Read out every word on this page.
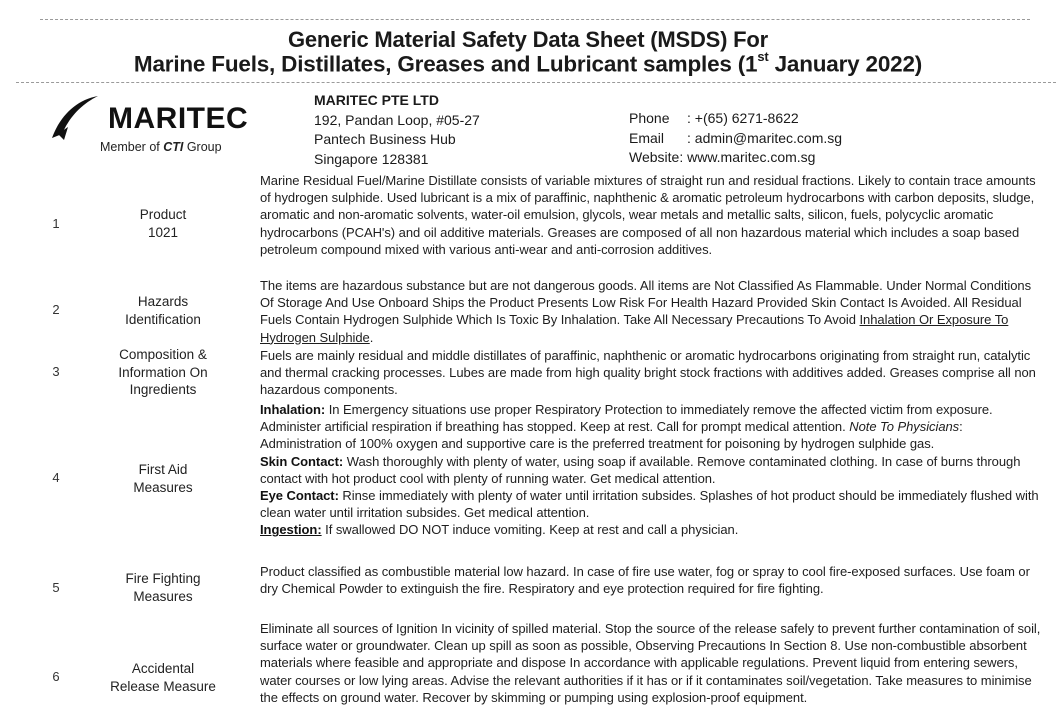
Generic Material Safety Data Sheet (MSDS) For
Marine Fuels, Distillates, Greases and Lubricant samples (1st January 2022)
MARITEC
Member of CTI Group
MARITEC PTE LTD
192, Pandan Loop, #05-27
Pantech Business Hub
Singapore 128381
Phone	: +(65) 6271-8622
Email	: admin@maritec.com.sg
Website : www.maritec.com.sg
1
Product
1021

Marine Residual Fuel/Marine Distillate consists of variable mixtures of straight run and residual fractions. Likely to contain trace amounts of hydrogen sulphide. Used lubricant is a mix of paraffinic, naphthenic & aromatic petroleum hydrocarbons with carbon deposits, sludge, aromatic and non-aromatic solvents, water-oil emulsion, glycols, wear metals and metallic salts, silicon, fuels, polycyclic aromatic hydrocarbons (PCAH's) and oil additive materials. Greases are composed of all non hazardous material which includes a soap based petroleum compound mixed with various anti-wear and anti-corrosion additives.

2
Hazards
Identification

The items are hazardous substance but are not dangerous goods. All items are Not Classified As Flammable. Under Normal Conditions Of Storage And Use Onboard Ships the Product Presents Low Risk For Health Hazard Provided Skin Contact Is Avoided. All Residual Fuels Contain Hydrogen Sulphide Which Is Toxic By Inhalation. Take All Necessary Precautions To Avoid Inhalation Or Exposure To Hydrogen Sulphide.

3
Composition &
Information On
Ingredients

Fuels are mainly residual and middle distillates of paraffinic, naphthenic or aromatic hydrocarbons originating from straight run, catalytic and thermal cracking processes. Lubes are made from high quality bright stock fractions with additives added. Greases comprise all non hazardous components.

4
First Aid
Measures

Inhalation: In Emergency situations use proper Respiratory Protection to immediately remove the affected victim from exposure. Administer artificial respiration if breathing has stopped. Keep at rest. Call for prompt medical attention. Note To Physicians: Administration of 100% oxygen and supportive care is the preferred treatment for poisoning by hydrogen sulphide gas.

Skin Contact: Wash thoroughly with plenty of water, using soap if available. Remove contaminated clothing. In case of burns through contact with hot product cool with plenty of running water. Get medical attention.

Eye Contact: Rinse immediately with plenty of water until irritation subsides. Splashes of hot product should be immediately flushed with clean water until irritation subsides. Get medical attention.

Ingestion: If swallowed DO NOT induce vomiting. Keep at rest and call a physician.

5
Fire Fighting
Measures

Product classified as combustible material low hazard. In case of fire use water, fog or spray to cool fire-exposed surfaces. Use foam or dry Chemical Powder to extinguish the fire. Respiratory and eye protection required for fire fighting.

6
Accidental
Release Measure

Eliminate all sources of Ignition In vicinity of spilled material. Stop the source of the release safely to prevent further contamination of soil, surface water or groundwater. Clean up spill as soon as possible, Observing Precautions In Section 8. Use non-combustible absorbent materials where feasible and appropriate and dispose In accordance with applicable regulations. Prevent liquid from entering sewers, water courses or low lying areas. Advise the relevant authorities if it has or if it contaminates soil/vegetation. Take measures to minimise the effects on ground water. Recover by skimming or pumping using explosion-proof equipment.
